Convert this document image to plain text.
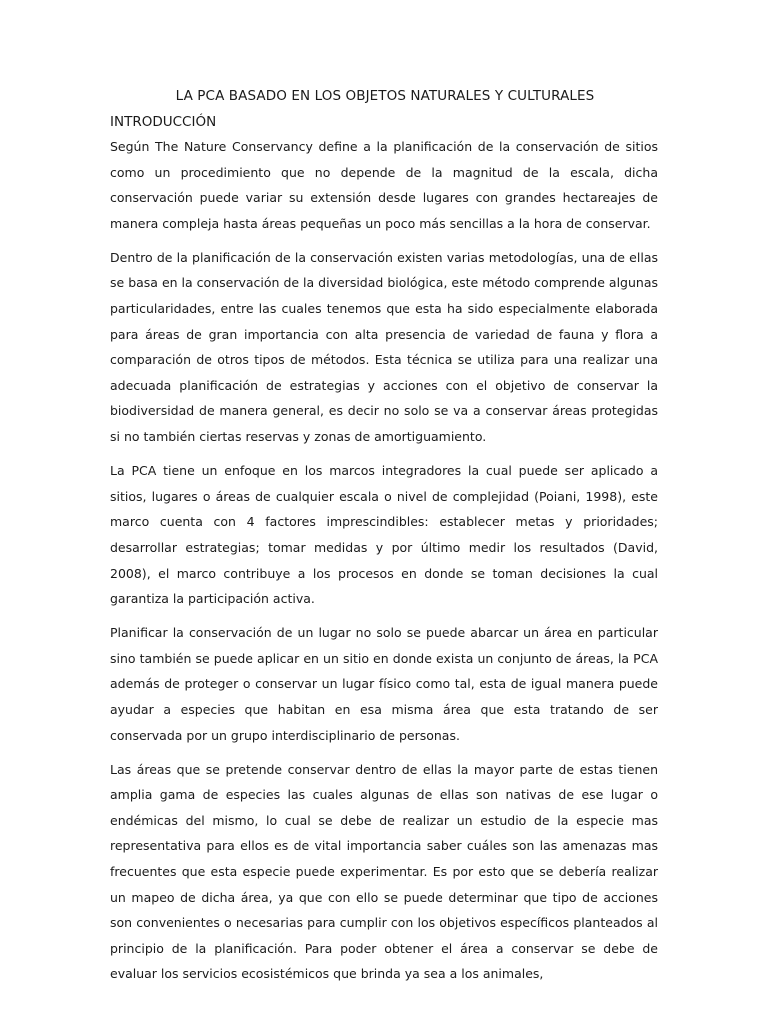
LA PCA BASADO EN LOS OBJETOS NATURALES Y CULTURALES
INTRODUCCIÓN

Según The Nature Conservancy define a la planificación de la conservación de sitios como un procedimiento que no depende de la magnitud de la escala, dicha conservación puede variar su extensión desde lugares con grandes hectareajes de manera compleja hasta áreas pequeñas un poco más sencillas a la hora de conservar.

Dentro de la planificación de la conservación existen varias metodologías, una de ellas se basa en la conservación de la diversidad biológica, este método comprende algunas particularidades, entre las cuales tenemos que esta ha sido especialmente elaborada para áreas de gran importancia con alta presencia de variedad de fauna y flora a comparación de otros tipos de métodos. Esta técnica se utiliza para una realizar una adecuada planificación de estrategias y acciones con el objetivo de conservar la biodiversidad de manera general, es decir no solo se va a conservar áreas protegidas si no también ciertas reservas y zonas de amortiguamiento.

La PCA tiene un enfoque en los marcos integradores la cual puede ser aplicado a sitios, lugares o áreas de cualquier escala o nivel de complejidad (Poiani, 1998), este marco cuenta con 4 factores imprescindibles: establecer metas y prioridades; desarrollar estrategias; tomar medidas y por último medir los resultados (David, 2008), el marco contribuye a los procesos en donde se toman decisiones la cual garantiza la participación activa.

Planificar la conservación de un lugar no solo se puede abarcar un área en particular sino también se puede aplicar en un sitio en donde exista un conjunto de áreas, la PCA además de proteger o conservar un lugar físico como tal, esta de igual manera puede ayudar a especies que habitan en esa misma área que esta tratando de ser conservada por un grupo interdisciplinario de personas.

Las áreas que se pretende conservar dentro de ellas la mayor parte de estas tienen amplia gama de especies las cuales algunas de ellas son nativas de ese lugar o endémicas del mismo, lo cual se debe de realizar un estudio de la especie mas representativa para ellos es de vital importancia saber cuáles son las amenazas mas frecuentes que esta especie puede experimentar. Es por esto que se debería realizar un mapeo de dicha área, ya que con ello se puede determinar que tipo de acciones son convenientes o necesarias para cumplir con los objetivos específicos planteados al principio de la planificación. Para poder obtener el área a conservar se debe de evaluar los servicios ecosistémicos que brinda ya sea a los animales,
